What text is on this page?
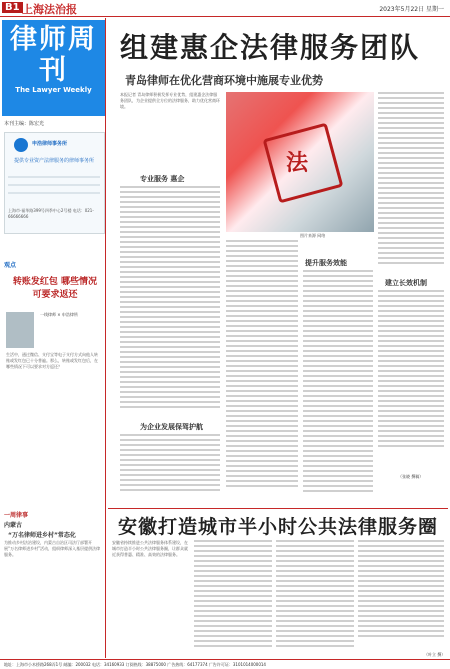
B1 上海法治报	2023年5月22日 星期一
律师周刊
The Lawyer Weekly
本刊主编：陈宏光
申浩律师事务所
提供专业资产法律服务的律师事务所
上海市·福华路399号四季中心2号楼 电话：021-66666666
观点
转账发红包 哪些情况可要求返还
一线律师 × 申浩律所
生活中，通过微信、支付宝等电子支付方式向他人转账或发红包已十分普遍。那么，转账或发红包后，在哪些情况下可以要求对方返还？
一周律事
内蒙古
“万名律师进乡村”常态化
为推动乡村法治建设，内蒙古自治区司法厅部署开展“万名律师进乡村”活动，组织律师深入基层提供法律服务。
组建惠企法律服务团队
青岛律师在优化营商环境中施展专业优势
本报记者 青岛律师积极发挥专业优势，组建惠企法律服务团队，为企业提供全方位的法律服务，助力优化营商环境。
法
图片来源 网络
专业服务 惠企
提升服务效能
建立长效机制
为企业发展保驾护航
（张晓 撰稿）
安徽打造城市半小时公共法律服务圈
安徽省持续推进公共法律服务体系建设，在城市打造半小时公共法律服务圈，让群众就近获得普惠、精准、高效的法律服务。
（叶立 撰）
地址：上海市小木桥路268弄1号 邮编：200032 电话：34160933 订阅热线：38875000 广告热线：64177374 广告许可证：3101014000014
